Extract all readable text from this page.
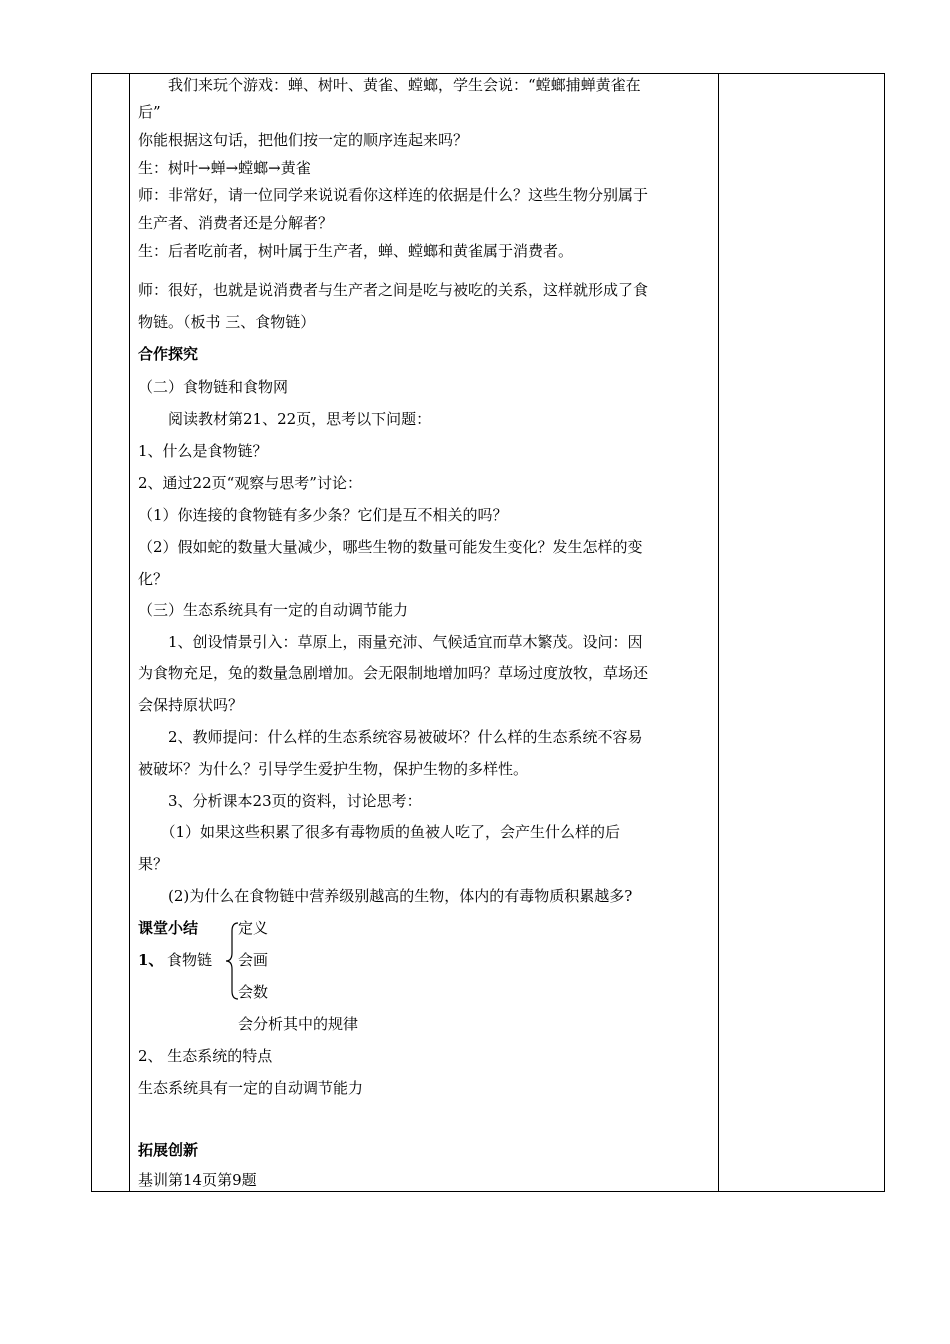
　　我们来玩个游戏：蝉、树叶、黄雀、螳螂，学生会说：“螳螂捕蝉黄雀在
后”
你能根据这句话，把他们按一定的顺序连起来吗？
生：树叶→蝉→螳螂→黄雀
师：非常好，请一位同学来说说看你这样连的依据是什么？这些生物分别属于
生产者、消费者还是分解者？
生：后者吃前者，树叶属于生产者，蝉、螳螂和黄雀属于消费者。
师：很好，也就是说消费者与生产者之间是吃与被吃的关系，这样就形成了食
物链。（板书 三、食物链）
合作探究
（二）食物链和食物网
　　阅读教材第21、22页，思考以下问题：
1、什么是食物链？
2、通过22页“观察与思考”讨论：
（1）你连接的食物链有多少条？它们是互不相关的吗？
（2）假如蛇的数量大量减少，哪些生物的数量可能发生变化？发生怎样的变
化？
（三）生态系统具有一定的自动调节能力
　　1、创设情景引入：草原上，雨量充沛、气候适宜而草木繁茂。设问：因
为食物充足，兔的数量急剧增加。会无限制地增加吗？草场过度放牧，草场还
会保持原状吗？
　　2、教师提问：什么样的生态系统容易被破坏？什么样的生态系统不容易
被破坏？为什么？引导学生爱护生物，保护生物的多样性。
　　3、分析课本23页的资料，讨论思考：
　　（1）如果这些积累了很多有毒物质的鱼被人吃了，会产生什么样的后
果？
　　(2)为什么在食物链中营养级别越高的生物，体内的有毒物质积累越多?
课堂小结	定义
1、 食物链 会画
会数
会分析其中的规律
2、 生态系统的特点
生态系统具有一定的自动调节能力
拓展创新
基训第14页第9题
